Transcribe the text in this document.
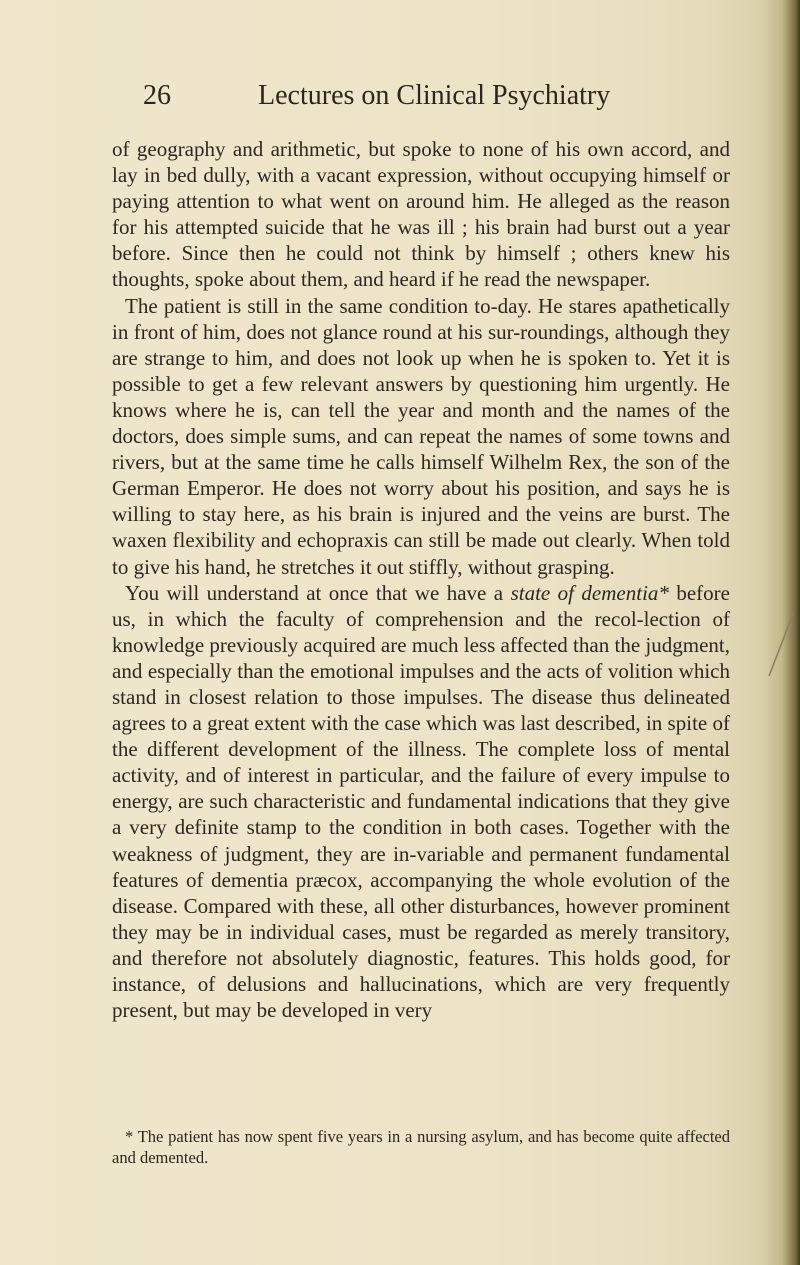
26	Lectures on Clinical Psychiatry

of geography and arithmetic, but spoke to none of his own accord, and lay in bed dully, with a vacant expression, without occupying himself or paying attention to what went on around him. He alleged as the reason for his attempted suicide that he was ill ; his brain had burst out a year before. Since then he could not think by himself ; others knew his thoughts, spoke about them, and heard if he read the newspaper.

The patient is still in the same condition to-day. He stares apathetically in front of him, does not glance round at his sur-roundings, although they are strange to him, and does not look up when he is spoken to. Yet it is possible to get a few relevant answers by questioning him urgently. He knows where he is, can tell the year and month and the names of the doctors, does simple sums, and can repeat the names of some towns and rivers, but at the same time he calls himself Wilhelm Rex, the son of the German Emperor. He does not worry about his position, and says he is willing to stay here, as his brain is injured and the veins are burst. The waxen flexibility and echopraxis can still be made out clearly. When told to give his hand, he stretches it out stiffly, without grasping.

You will understand at once that we have a state of dementia* before us, in which the faculty of comprehension and the recol-lection of knowledge previously acquired are much less affected than the judgment, and especially than the emotional impulses and the acts of volition which stand in closest relation to those impulses. The disease thus delineated agrees to a great extent with the case which was last described, in spite of the different development of the illness. The complete loss of mental activity, and of interest in particular, and the failure of every impulse to energy, are such characteristic and fundamental indications that they give a very definite stamp to the condition in both cases. Together with the weakness of judgment, they are in-variable and permanent fundamental features of dementia præcox, accompanying the whole evolution of the disease. Compared with these, all other disturbances, however prominent they may be in individual cases, must be regarded as merely transitory, and therefore not absolutely diagnostic, features. This holds good, for instance, of delusions and hallucinations, which are very frequently present, but may be developed in very

* The patient has now spent five years in a nursing asylum, and has become quite affected and demented.
